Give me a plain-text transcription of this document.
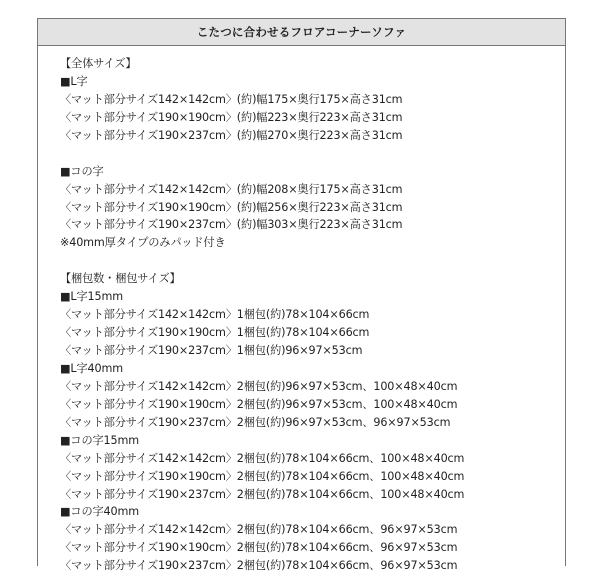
こたつに合わせるフロアコーナーソファ
【全体サイズ】
■L字
〈マット部分サイズ142×142cm〉(約)幅175×奥行175×高さ31cm
〈マット部分サイズ190×190cm〉(約)幅223×奥行223×高さ31cm
〈マット部分サイズ190×237cm〉(約)幅270×奥行223×高さ31cm
■コの字
〈マット部分サイズ142×142cm〉(約)幅208×奥行175×高さ31cm
〈マット部分サイズ190×190cm〉(約)幅256×奥行223×高さ31cm
〈マット部分サイズ190×237cm〉(約)幅303×奥行223×高さ31cm
※40mm厚タイプのみパッド付き
【梱包数・梱包サイズ】
■L字15mm
〈マット部分サイズ142×142cm〉1梱包(約)78×104×66cm
〈マット部分サイズ190×190cm〉1梱包(約)78×104×66cm
〈マット部分サイズ190×237cm〉1梱包(約)96×97×53cm
■L字40mm
〈マット部分サイズ142×142cm〉2梱包(約)96×97×53cm、100×48×40cm
〈マット部分サイズ190×190cm〉2梱包(約)96×97×53cm、100×48×40cm
〈マット部分サイズ190×237cm〉2梱包(約)96×97×53cm、96×97×53cm
■コの字15mm
〈マット部分サイズ142×142cm〉2梱包(約)78×104×66cm、100×48×40cm
〈マット部分サイズ190×190cm〉2梱包(約)78×104×66cm、100×48×40cm
〈マット部分サイズ190×237cm〉2梱包(約)78×104×66cm、100×48×40cm
■コの字40mm
〈マット部分サイズ142×142cm〉2梱包(約)78×104×66cm、96×97×53cm
〈マット部分サイズ190×190cm〉2梱包(約)78×104×66cm、96×97×53cm
〈マット部分サイズ190×237cm〉2梱包(約)78×104×66cm、96×97×53cm
